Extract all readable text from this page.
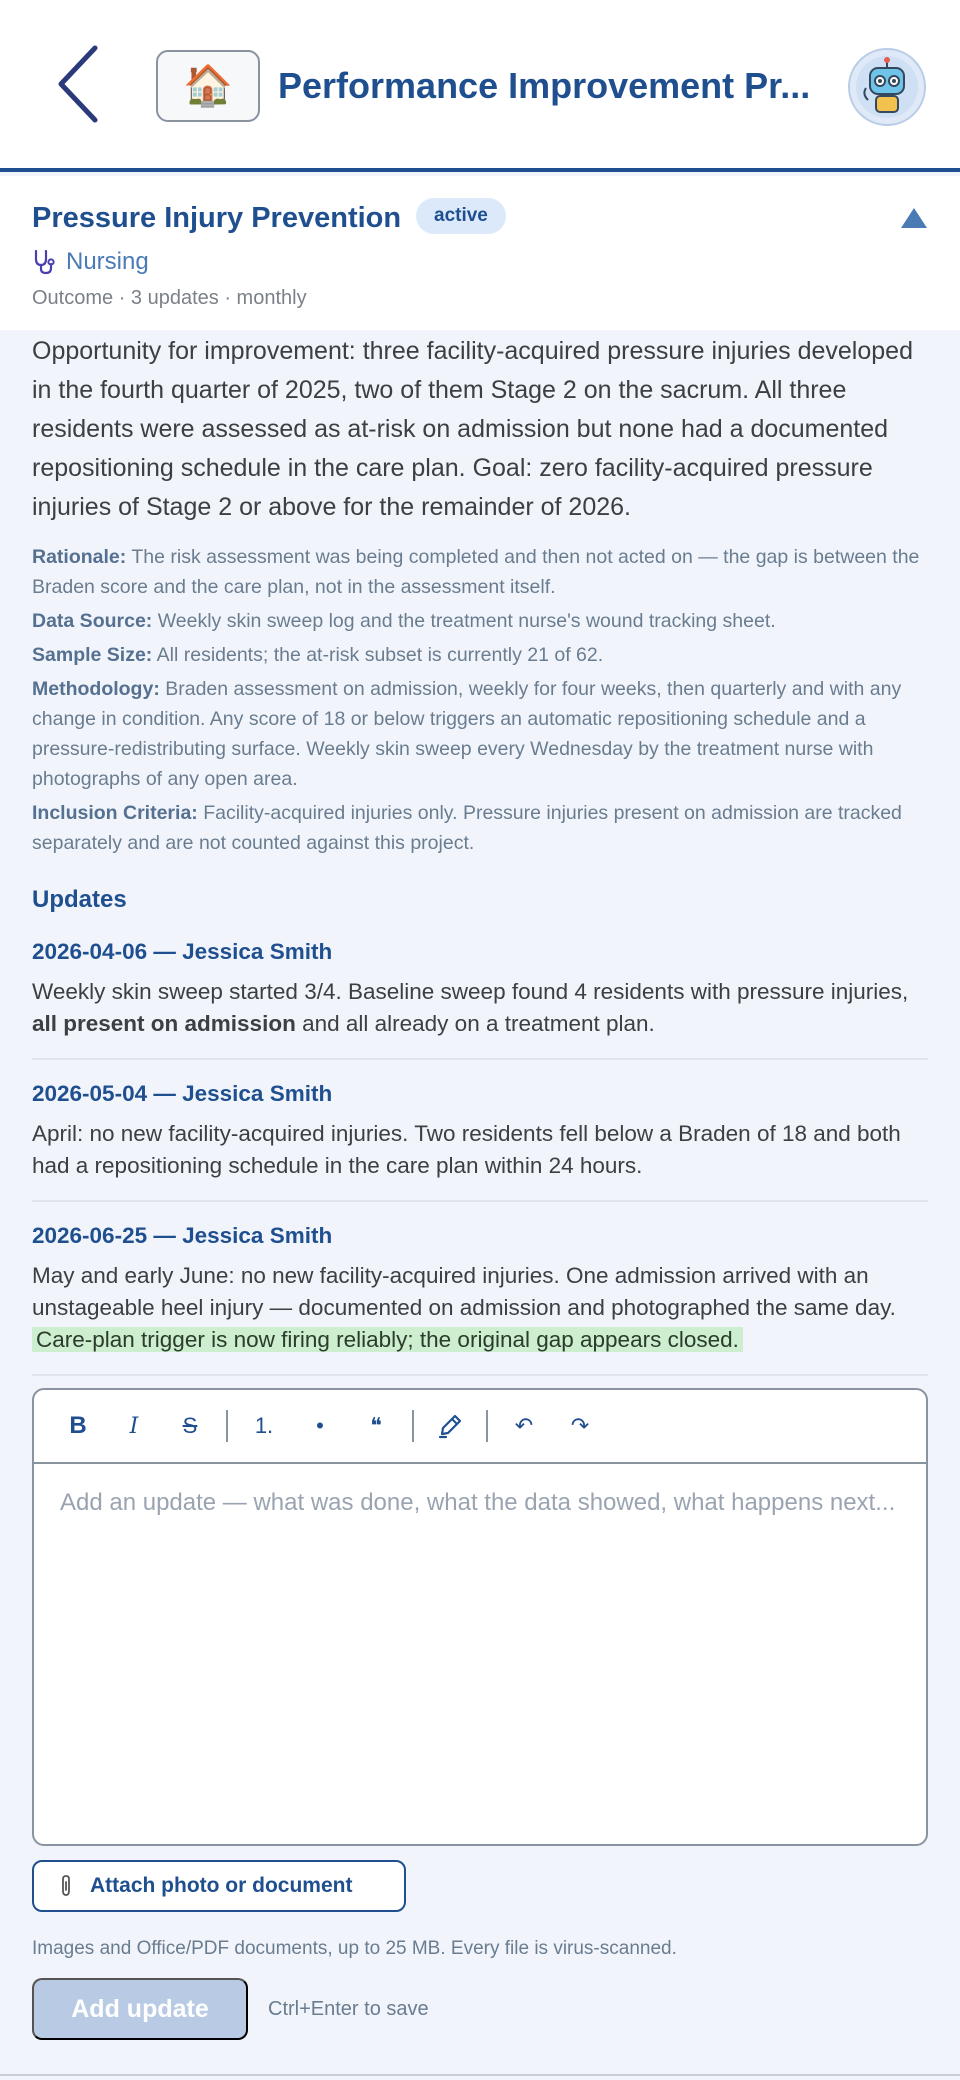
🏠 Performance Improvement Pr...
Pressure Injury Prevention	active
Nursing
Outcome · 3 updates · monthly

Opportunity for improvement: three facility-acquired pressure injuries developed in the fourth quarter of 2025, two of them Stage 2 on the sacrum. All three residents were assessed as at-risk on admission but none had a documented repositioning schedule in the care plan. Goal: zero facility-acquired pressure injuries of Stage 2 or above for the remainder of 2026.

Rationale: The risk assessment was being completed and then not acted on — the gap is between the Braden score and the care plan, not in the assessment itself.
Data Source: Weekly skin sweep log and the treatment nurse's wound tracking sheet.
Sample Size: All residents; the at-risk subset is currently 21 of 62.
Methodology: Braden assessment on admission, weekly for four weeks, then quarterly and with any change in condition. Any score of 18 or below triggers an automatic repositioning schedule and a pressure-redistributing surface. Weekly skin sweep every Wednesday by the treatment nurse with photographs of any open area.
Inclusion Criteria: Facility-acquired injuries only. Pressure injuries present on admission are tracked separately and are not counted against this project.
Updates
2026-04-06 — Jessica Smith

Weekly skin sweep started 3/4. Baseline sweep found 4 residents with pressure injuries, all present on admission and all already on a treatment plan.

2026-05-04 — Jessica Smith

April: no new facility-acquired injuries. Two residents fell below a Braden of 18 and both had a repositioning schedule in the care plan within 24 hours.

2026-06-25 — Jessica Smith

May and early June: no new facility-acquired injuries. One admission arrived with an unstageable heel injury — documented on admission and photographed the same day. Care-plan trigger is now firing reliably; the original gap appears closed.

B	I	S	1.	•	❝	↶	↷
Add an update — what was done, what the data showed, what happens next...
Attach photo or document
Images and Office/PDF documents, up to 25 MB. Every file is virus-scanned.
Add update	Ctrl+Enter to save
